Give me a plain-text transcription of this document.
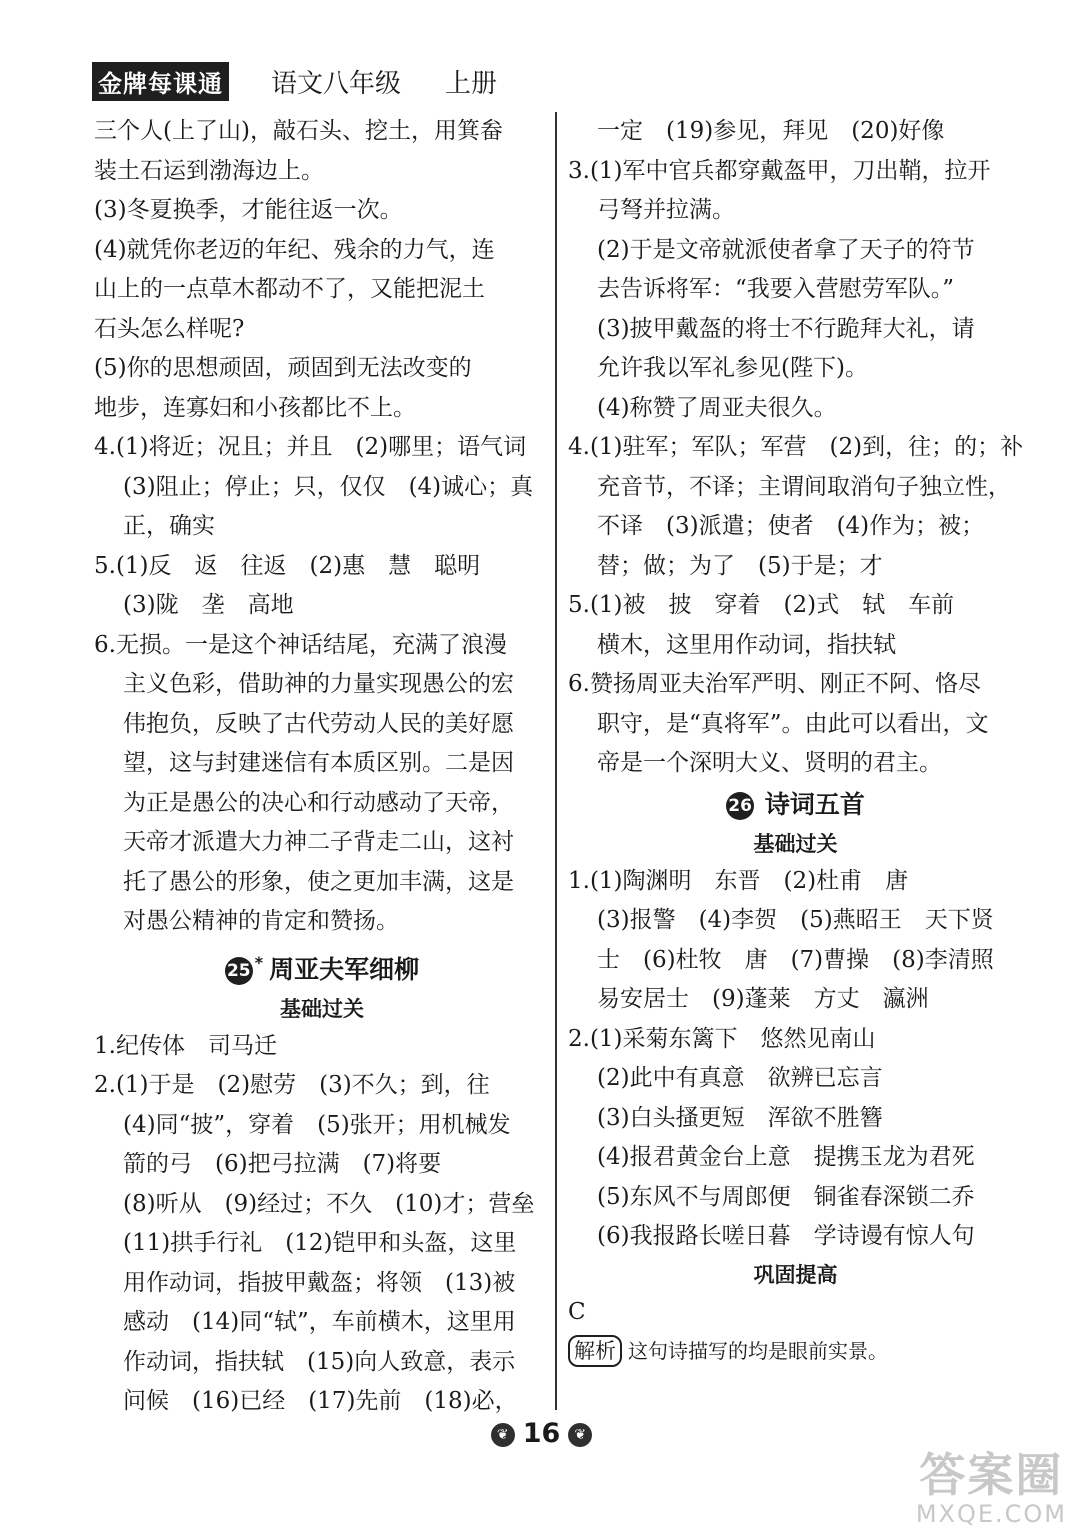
金牌每课通 语文八年级 上册

三个人(上了山)，敲石头、挖土，用箕畚

装土石运到渤海边上。

(3)冬夏换季，才能往返一次。

(4)就凭你老迈的年纪、残余的力气，连

山上的一点草木都动不了，又能把泥土

石头怎么样呢?

(5)你的思想顽固，顽固到无法改变的

地步，连寡妇和小孩都比不上。

4.(1)将近；况且；并且　(2)哪里；语气词

(3)阻止；停止；只，仅仅　(4)诚心；真

正，确实

5.(1)反　返　往返　(2)惠　慧　聪明

(3)陇　垄　高地

6.无损。一是这个神话结尾，充满了浪漫

主义色彩，借助神的力量实现愚公的宏

伟抱负，反映了古代劳动人民的美好愿

望，这与封建迷信有本质区别。二是因

为正是愚公的决心和行动感动了天帝，

天帝才派遣大力神二子背走二山，这衬

托了愚公的形象，使之更加丰满，这是

对愚公精神的肯定和赞扬。

25 * 周亚夫军细柳
基础过关

1.纪传体　司马迁

2.(1)于是　(2)慰劳　(3)不久；到，往

(4)同“披”，穿着　(5)张开；用机械发

箭的弓　(6)把弓拉满　(7)将要

(8)听从　(9)经过；不久　(10)才；营垒

(11)拱手行礼　(12)铠甲和头盔，这里

用作动词，指披甲戴盔；将领　(13)被

感动　(14)同“轼”，车前横木，这里用

作动词，指扶轼　(15)向人致意，表示

问候　(16)已经　(17)先前　(18)必，

一定　(19)参见，拜见　(20)好像

3.(1)军中官兵都穿戴盔甲，刀出鞘，拉开

弓弩并拉满。

(2)于是文帝就派使者拿了天子的符节

去告诉将军：“我要入营慰劳军队。”

(3)披甲戴盔的将士不行跪拜大礼，请

允许我以军礼参见(陛下)。

(4)称赞了周亚夫很久。

4.(1)驻军；军队；军营　(2)到，往；的；补

充音节，不译；主谓间取消句子独立性，

不译　(3)派遣；使者　(4)作为；被；

替；做；为了　(5)于是；才

5.(1)被　披　穿着　(2)式　轼　车前

横木，这里用作动词，指扶轼

6.赞扬周亚夫治军严明、刚正不阿、恪尽

职守，是“真将军”。由此可以看出，文

帝是一个深明大义、贤明的君主。

26 诗词五首
基础过关

1.(1)陶渊明　东晋　(2)杜甫　唐

(3)报警　(4)李贺　(5)燕昭王　天下贤

士　(6)杜牧　唐　(7)曹操　(8)李清照

易安居士　(9)蓬莱　方丈　瀛洲

2.(1)采菊东篱下　悠然见南山

(2)此中有真意　欲辨已忘言

(3)白头搔更短　浑欲不胜簪

(4)报君黄金台上意　提携玉龙为君死

(5)东风不与周郎便　铜雀春深锁二乔

(6)我报路长嗟日暮　学诗谩有惊人句

巩固提高

C

解析 这句诗描写的均是眼前实景。

❦ 16 ❦
答案圈
MXQE.COM
